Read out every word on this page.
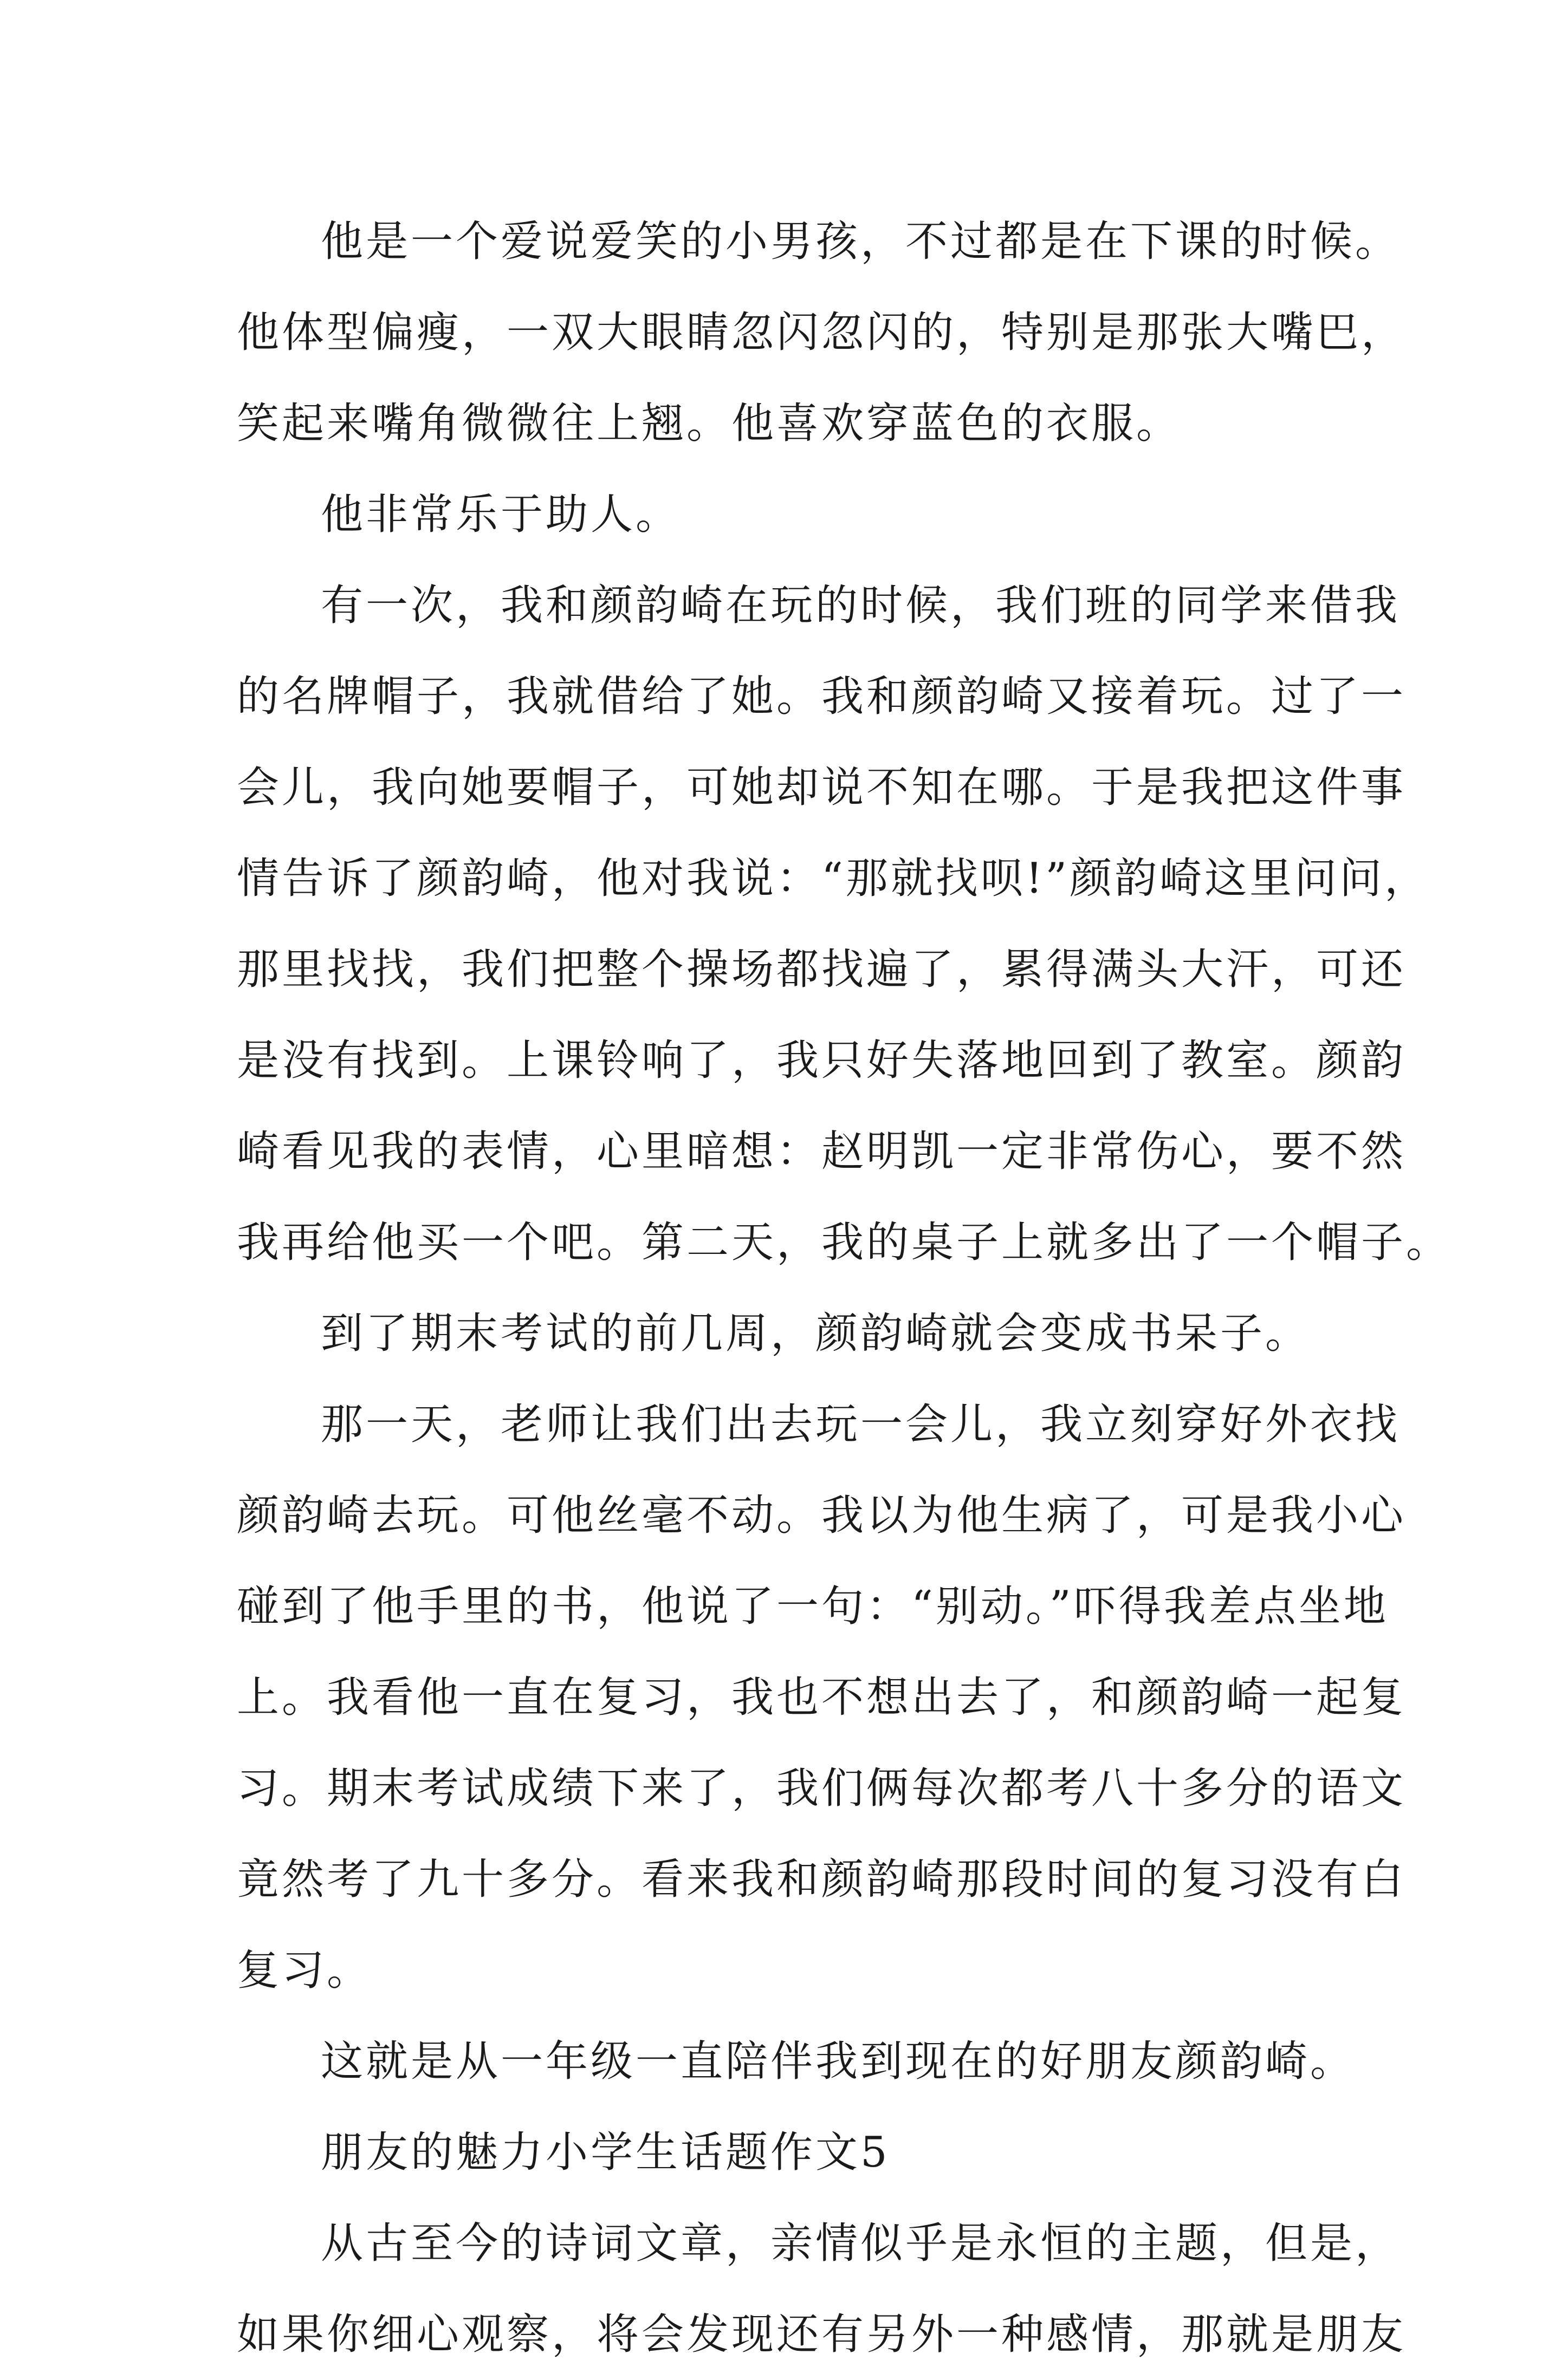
他是一个爱说爱笑的小男孩，不过都是在下课的时候。
他体型偏瘦，一双大眼睛忽闪忽闪的，特别是那张大嘴巴，
笑起来嘴角微微往上翘。他喜欢穿蓝色的衣服。
他非常乐于助人。
有一次，我和颜韵崎在玩的时候，我们班的同学来借我
的名牌帽子，我就借给了她。我和颜韵崎又接着玩。过了一
会儿，我向她要帽子，可她却说不知在哪。于是我把这件事
情告诉了颜韵崎，他对我说：“那就找呗!”颜韵崎这里问问，
那里找找，我们把整个操场都找遍了，累得满头大汗，可还
是没有找到。上课铃响了，我只好失落地回到了教室。颜韵
崎看见我的表情，心里暗想：赵明凯一定非常伤心，要不然
我再给他买一个吧。第二天，我的桌子上就多出了一个帽子。
到了期末考试的前几周，颜韵崎就会变成书呆子。
那一天，老师让我们出去玩一会儿，我立刻穿好外衣找
颜韵崎去玩。可他丝毫不动。我以为他生病了，可是我小心
碰到了他手里的书，他说了一句：“别动。”吓得我差点坐地
上。我看他一直在复习，我也不想出去了，和颜韵崎一起复
习。期末考试成绩下来了，我们俩每次都考八十多分的语文
竟然考了九十多分。看来我和颜韵崎那段时间的复习没有白
复习。
这就是从一年级一直陪伴我到现在的好朋友颜韵崎。
朋友的魅力小学生话题作文5
从古至今的诗词文章，亲情似乎是永恒的主题，但是，
如果你细心观察，将会发现还有另外一种感情，那就是朋友
